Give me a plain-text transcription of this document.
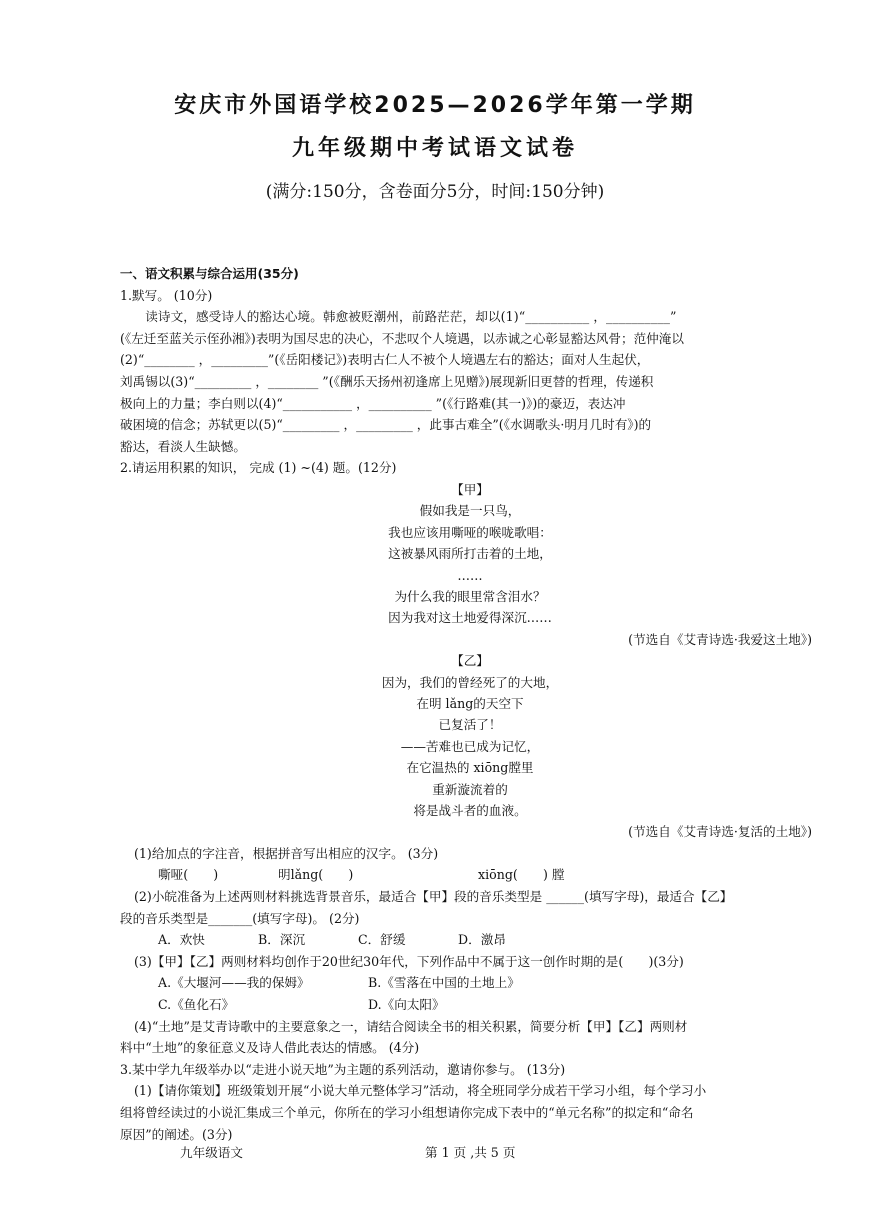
安庆市外国语学校2025—2026学年第一学期
九年级期中考试语文试卷
(满分:150分，含卷面分5分，时间:150分钟)

一、语文积累与综合运用(35分)

1.默写。 (10分)

读诗文，感受诗人的豁达心境。韩愈被贬潮州，前路茫茫，却以(1)“__________ ，__________”

(《左迁至蓝关示侄孙湘》)表明为国尽忠的决心，不悲叹个人境遇，以赤诚之心彰显豁达风骨；范仲淹以

(2)“________ ，_________”(《岳阳楼记》)表明古仁人不被个人境遇左右的豁达；面对人生起伏，

刘禹锡以(3)“_________ ，________ ”(《酬乐天扬州初逢席上见赠》)展现新旧更替的哲理，传递积

极向上的力量；李白则以(4)“___________ ，__________ ”(《行路难(其一)》)的豪迈，表达冲

破困境的信念；苏轼更以(5)“_________ ，_________ ，此事古难全”(《水调歌头·明月几时有》)的

豁达，看淡人生缺憾。

2.请运用积累的知识， 完成 (1) ~(4) 题。(12分)

【甲】

假如我是一只鸟，

我也应该用嘶哑的喉咙歌唱：

这被暴风雨所打击着的土地，

……

为什么我的眼里常含泪水？

因为我对这土地爱得深沉……

(节选自《艾青诗选·我爱这土地》)

【乙】

因为，我们的曾经死了的大地，

在明 lǎng的天空下

已复活了！

——苦难也已成为记忆，

在它温热的 xiōng膛里

重新漩流着的

将是战斗者的血液。

(节选自《艾青诗选·复活的土地》)

(1)给加点的字注音，根据拼音写出相应的汉字。 (3分)

嘶哑(　　)	明lǎng(　　)	xiōng(　　) 膛

(2)小皖准备为上述两则材料挑选背景音乐，最适合【甲】段的音乐类型是 ______(填写字母)，最适合【乙】

段的音乐类型是_______(填写字母)。 (2分)

A．欢快	B．深沉	C．舒缓	D．激昂

(3)【甲】【乙】两则材料均创作于20世纪30年代，下列作品中不属于这一创作时期的是(　　)(3分)

A.《大堰河——我的保姆》	B.《雪落在中国的土地上》
C.《鱼化石》	D.《向太阳》

(4)“土地”是艾青诗歌中的主要意象之一，请结合阅读全书的相关积累，简要分析【甲】【乙】两则材

料中“土地”的象征意义及诗人借此表达的情感。 (4分)

3.某中学九年级举办以“走进小说天地”为主题的系列活动，邀请你参与。 (13分)

(1)【请你策划】班级策划开展“小说大单元整体学习”活动，将全班同学分成若干学习小组，每个学习小

组将曾经读过的小说汇集成三个单元，你所在的学习小组想请你完成下表中的“单元名称”的拟定和“命名

原因”的阐述。(3分)

九年级语文	第 1 页 ,共 5 页
